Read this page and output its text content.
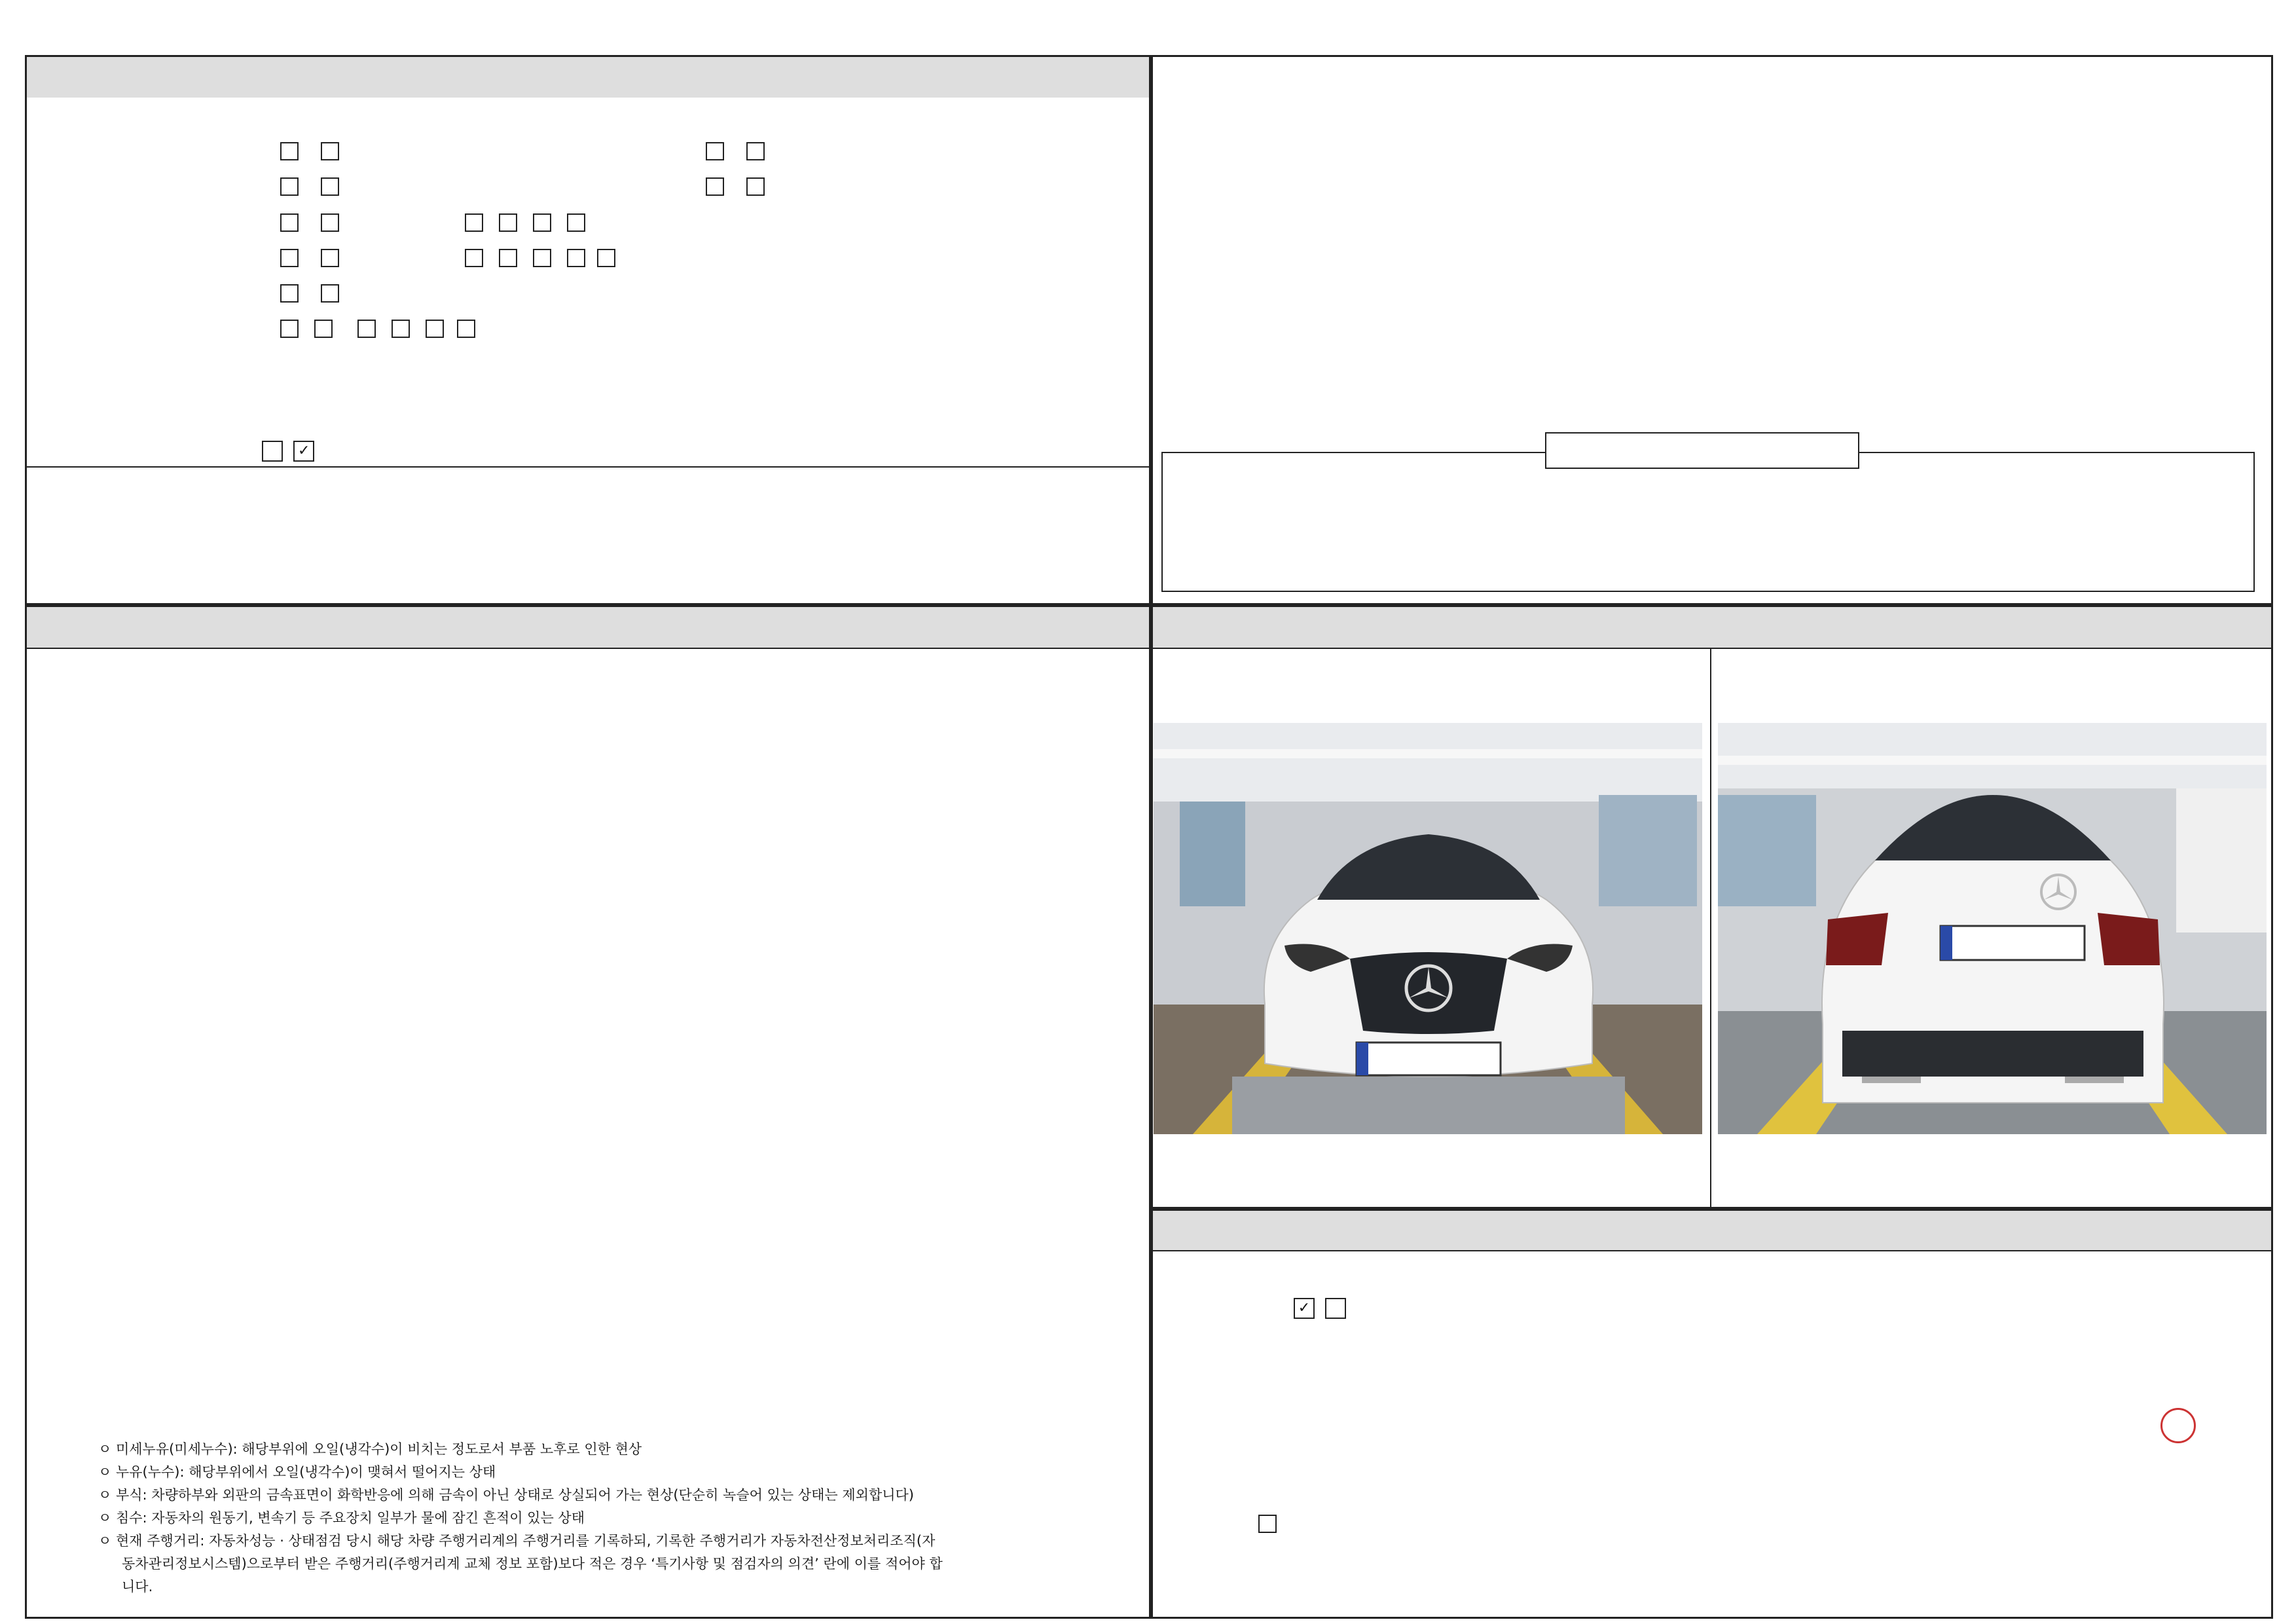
✓
ㅇ 미세누유(미세누수): 해당부위에 오일(냉각수)이 비치는 정도로서 부품 노후로 인한 현상
ㅇ 누유(누수): 해당부위에서 오일(냉각수)이 맺혀서 떨어지는 상태
ㅇ 부식: 차량하부와 외판의 금속표면이 화학반응에 의해 금속이 아닌 상태로 상실되어 가는 현상(단순히 녹슬어 있는 상태는 제외합니다)
ㅇ 침수: 자동차의 원동기, 변속기 등 주요장치 일부가 물에 잠긴 흔적이 있는 상태
ㅇ 현재 주행거리: 자동차성능 · 상태점검 당시 해당 차량 주행거리계의 주행거리를 기록하되, 기록한 주행거리가 자동차전산정보처리조직(자
동차관리정보시스템)으로부터 받은 주행거리(주행거리계 교체 정보 포함)보다 적은 경우 ‘특기사항 및 점검자의 의견’ 란에 이를 적어야 합
니다.
✓
